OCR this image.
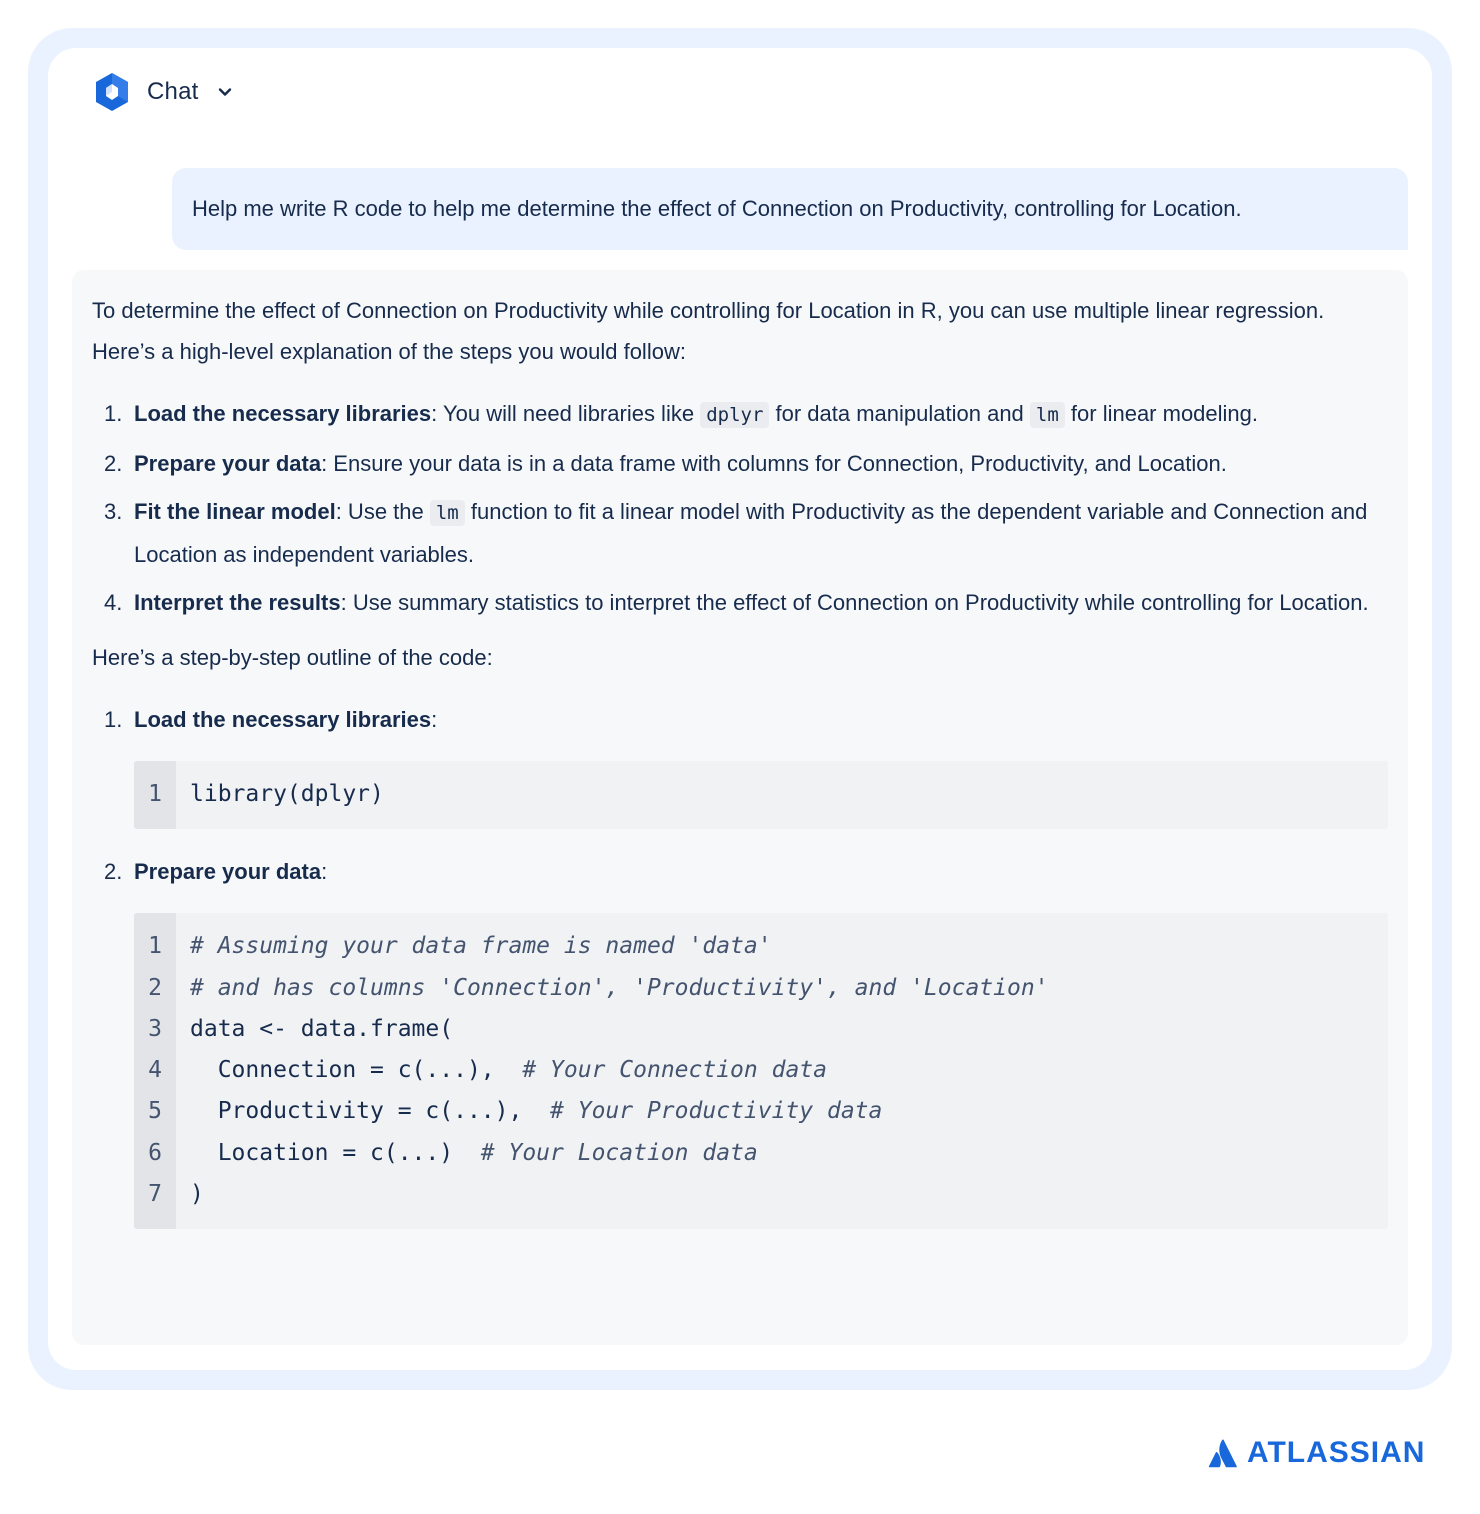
Chat
Help me write R code to help me determine the effect of Connection on Productivity, controlling for Location.

To determine the effect of Connection on Productivity while controlling for Location in R, you can use multiple linear regression. Here’s a high-level explanation of the steps you would follow:

1. Load the necessary libraries: You will need libraries like dplyr for data manipulation and lm for linear modeling.
2. Prepare your data: Ensure your data is in a data frame with columns for Connection, Productivity, and Location.
3. Fit the linear model: Use the lm function to fit a linear model with Productivity as the dependent variable and Connection and Location as independent variables.
4. Interpret the results: Use summary statistics to interpret the effect of Connection on Productivity while controlling for Location.

Here’s a step-by-step outline of the code:

1. Load the necessary libraries:
1	library(dplyr)
2. Prepare your data:
1
2
3
4
5
6
7
# Assuming your data frame is named 'data'
# and has columns 'Connection', 'Productivity', and 'Location'
data <- data.frame(
Connection = c(...),  # Your Connection data
Productivity = c(...),  # Your Productivity data
Location = c(...)  # Your Location data
)
ATLASSIAN
